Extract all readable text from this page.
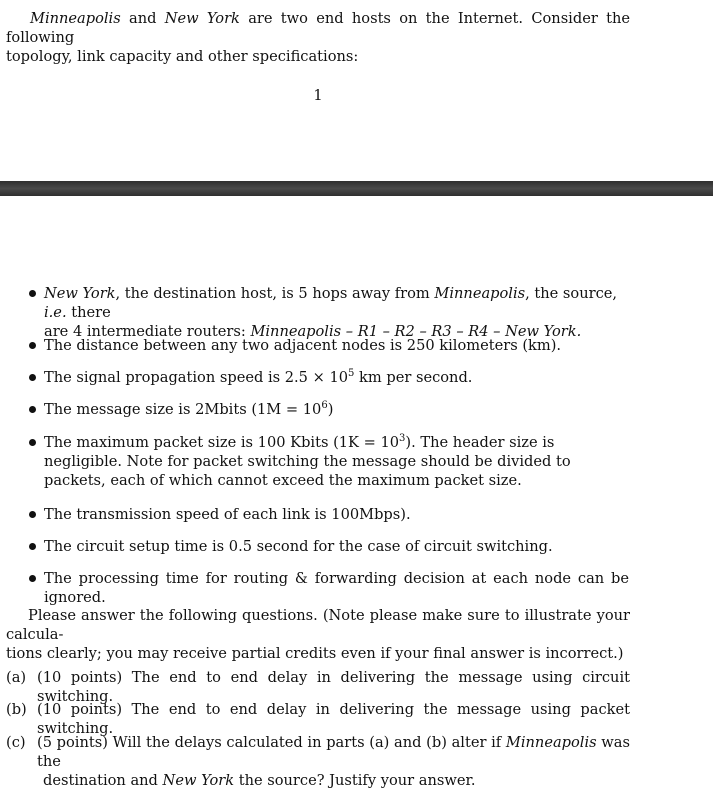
Minneapolis and New York are two end hosts on the Internet. Consider the following
topology, link capacity and other specifications:
1

New York, the destination host, is 5 hops away from Minneapolis, the source, i.e. there
are 4 intermediate routers: Minneapolis – R1 – R2 – R3 – R4 – New York.

The distance between any two adjacent nodes is 250 kilometers (km).

The signal propagation speed is $2.5 \times 10^5$ km per second.

The message size is 2Mbits $(1M = 10^6)$

The maximum packet size is 100 Kbits $(1K = 10^3)$. The header size is negligible. Note for packet switching the message should be divided to packets, each of which cannot exceed the maximum packet size.

The transmission speed of each link is 100Mbps).

The circuit setup time is 0.5 second for the case of circuit switching.

The processing time for routing & forwarding decision at each node can be ignored.

Please answer the following questions. (Note please make sure to illustrate your calcula-

tions clearly; you may receive partial credits even if your final answer is incorrect.)

(a) (10 points) The end to end delay in delivering the message using circuit switching.

(b) (10 points) The end to end delay in delivering the message using packet switching.

(c) (5 points) Will the delays calculated in parts (a) and (b) alter if Minneapolis was the

destination and New York the source? Justify your answer.
